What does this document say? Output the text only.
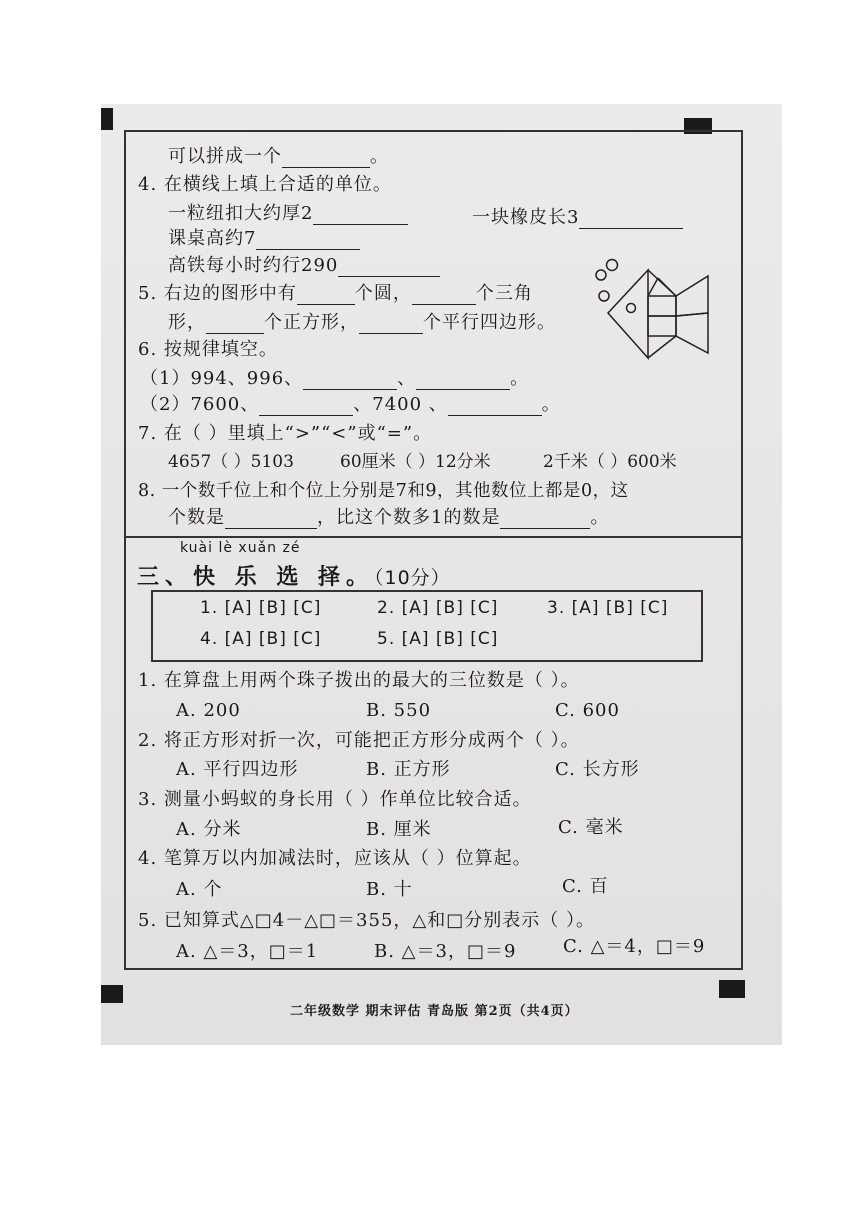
可以拼成一个	。
4. 在横线上填上合适的单位。
一粒纽扣大约厚2	一块橡皮长3
课桌高约7
高铁每小时约行290
5. 右边的图形中有	个圆，	个三角
形，	个正方形，	个平行四边形。
6. 按规律填空。
（1）994、996、	、	。
（2）7600、	、7400 、	。
7. 在（ ）里填上“>”“<”或“=”。
4657（ ）5103	60厘米（ ）12分米	2千米（ ）600米
8. 一个数千位上和个位上分别是7和9，其他数位上都是0，这
个数是	，比这个数多1的数是	。
kuài lè xuǎn zé
三、快 乐 选 择。（10分）
1. [A] [B] [C]	2. [A] [B] [C]	3. [A] [B] [C]
4. [A] [B] [C]	5. [A] [B] [C]
1. 在算盘上用两个珠子拨出的最大的三位数是（ ）。
A. 200	B. 550	C. 600
2. 将正方形对折一次，可能把正方形分成两个（ ）。
A. 平行四边形	B. 正方形	C. 长方形
3. 测量小蚂蚁的身长用（ ）作单位比较合适。
A. 分米	B. 厘米	C. 毫米
4. 笔算万以内加减法时，应该从（ ）位算起。
A. 个	B. 十	C. 百
5. 已知算式△□4－△□＝355，△和□分别表示（ ）。
A. △＝3，□＝1	B. △＝3，□＝9	C. △＝4，□＝9
二年级数学 期末评估 青岛版 第2页（共4页）
